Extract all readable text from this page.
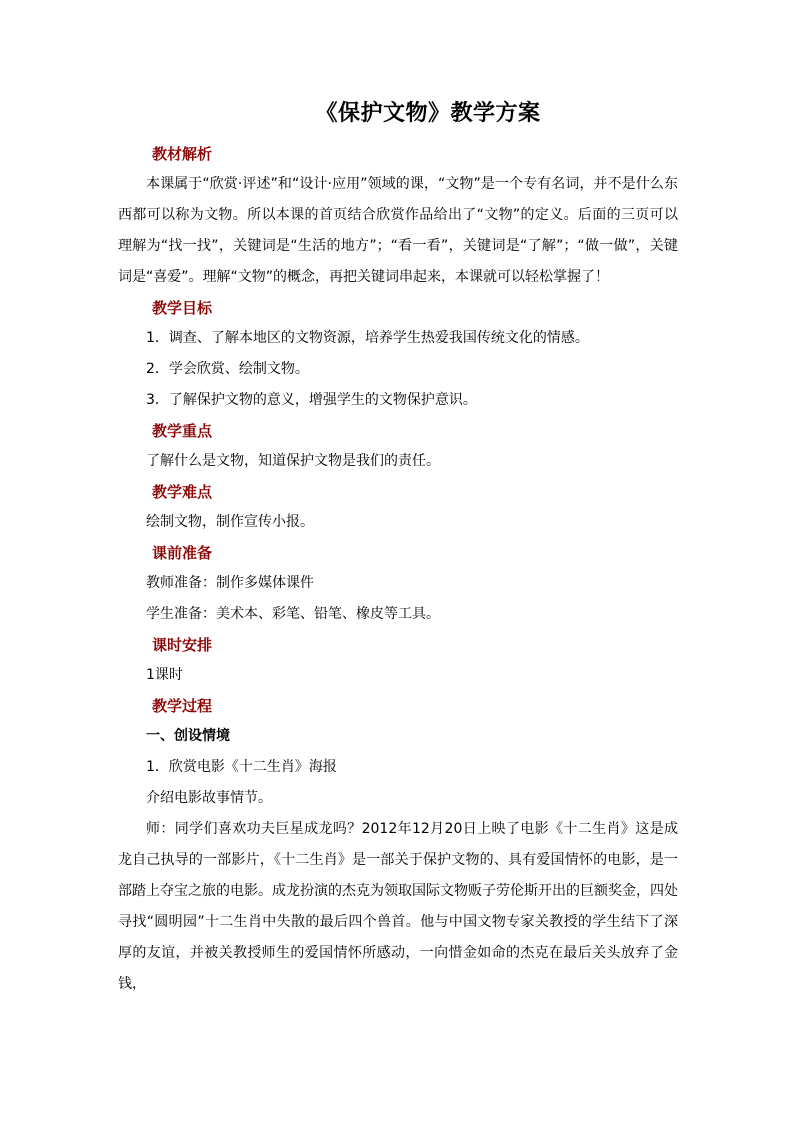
《保护文物》教学方案
教材解析

本课属于“欣赏·评述”和“设计·应用”领域的课，“文物”是一个专有名词，并不是什么东西都可以称为文物。所以本课的首页结合欣赏作品给出了“文物”的定义。后面的三页可以理解为“找一找”，关键词是“生活的地方”；“看一看”，关键词是“了解”；“做一做”，关键词是“喜爱”。理解“文物”的概念，再把关键词串起来，本课就可以轻松掌握了！

教学目标

1．调查、了解本地区的文物资源，培养学生热爱我国传统文化的情感。

2．学会欣赏、绘制文物。

3．了解保护文物的意义，增强学生的文物保护意识。

教学重点

了解什么是文物，知道保护文物是我们的责任。

教学难点

绘制文物，制作宣传小报。

课前准备

教师准备：制作多媒体课件

学生准备：美术本、彩笔、铅笔、橡皮等工具。

课时安排

1课时

教学过程

一、创设情境

1．欣赏电影《十二生肖》海报

介绍电影故事情节。

师：同学们喜欢功夫巨星成龙吗？2012年12月20日上映了电影《十二生肖》这是成龙自己执导的一部影片，《十二生肖》是一部关于保护文物的、具有爱国情怀的电影，是一部踏上夺宝之旅的电影。成龙扮演的杰克为领取国际文物贩子劳伦斯开出的巨额奖金，四处寻找“圆明园”十二生肖中失散的最后四个兽首。他与中国文物专家关教授的学生结下了深厚的友谊，并被关教授师生的爱国情怀所感动，一向惜金如命的杰克在最后关头放弃了金钱，
